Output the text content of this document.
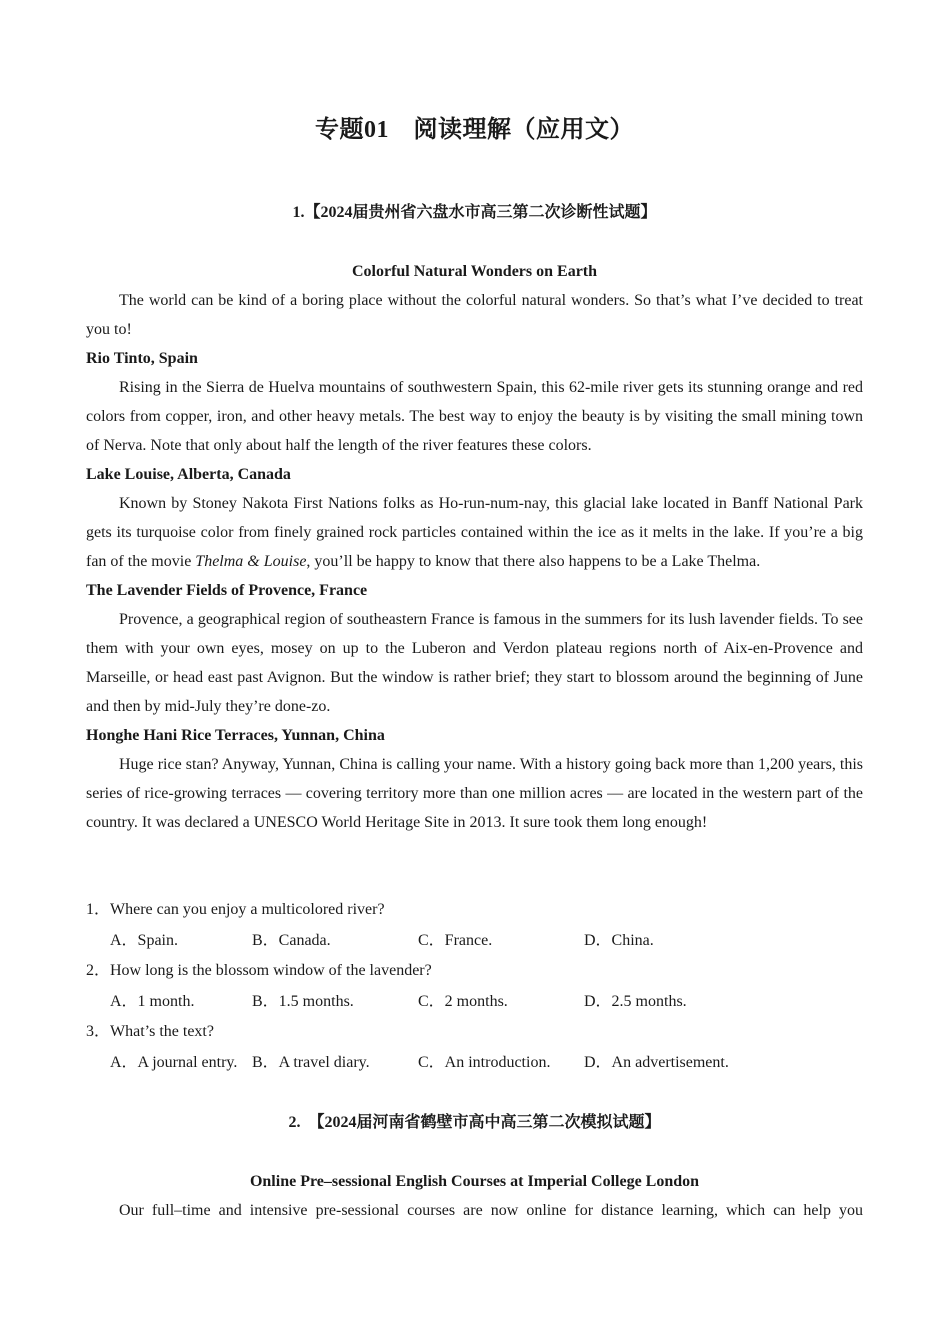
专题01　阅读理解（应用文）
1.【2024届贵州省六盘水市高三第二次诊断性试题】
Colorful Natural Wonders on Earth

The world can be kind of a boring place without the colorful natural wonders. So that’s what I’ve decided to treat you to!

Rio Tinto, Spain

Rising in the Sierra de Huelva mountains of southwestern Spain, this 62-mile river gets its stunning orange and red colors from copper, iron, and other heavy metals. The best way to enjoy the beauty is by visiting the small mining town of Nerva. Note that only about half the length of the river features these colors.

Lake Louise, Alberta, Canada

Known by Stoney Nakota First Nations folks as Ho-run-num-nay, this glacial lake located in Banff National Park gets its turquoise color from finely grained rock particles contained within the ice as it melts in the lake. If you’re a big fan of the movie Thelma & Louise, you’ll be happy to know that there also happens to be a Lake Thelma.

The Lavender Fields of Provence, France

Provence, a geographical region of southeastern France is famous in the summers for its lush lavender fields. To see them with your own eyes, mosey on up to the Luberon and Verdon plateau regions north of Aix-en-Provence and Marseille, or head east past Avignon. But the window is rather brief; they start to blossom around the beginning of June and then by mid-July they’re done-zo.

Honghe Hani Rice Terraces, Yunnan, China

Huge rice stan? Anyway, Yunnan, China is calling your name. With a history going back more than 1,200 years, this series of rice-growing terraces — covering territory more than one million acres — are located in the western part of the country. It was declared a UNESCO World Heritage Site in 2013. It sure took them long enough!

1．Where can you enjoy a multicolored river?
A．Spain.	B．Canada.	C．France.	D．China.
2．How long is the blossom window of the lavender?
A．1 month.	B．1.5 months.	C．2 months.	D．2.5 months.
3．What’s the text?
A．A journal entry. B．A travel diary.	C．An introduction. D．An advertisement.
2.　【2024届河南省鹤壁市高中高三第二次模拟试题】
Online Pre–sessional English Courses at Imperial College London
Our full–time and intensive pre-sessional courses are now online for distance learning, which can help you
